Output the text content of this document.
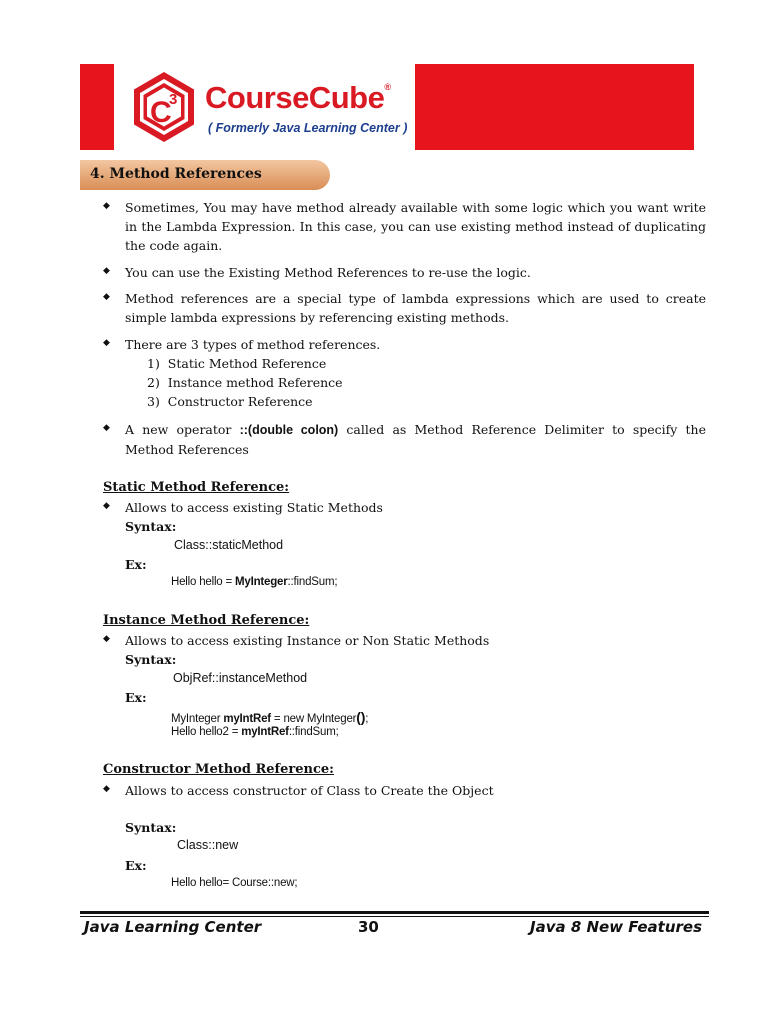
C
3 CourseCube®
( Formerly Java Learning Center )
4. Method References
◆ Sometimes, You may have method already available with some logic which you want write in the Lambda Expression. In this case, you can use existing method instead of duplicating the code again.
◆ You can use the Existing Method References to re-use the logic.
◆ Method references are a special type of lambda expressions which are used to create simple lambda expressions by referencing existing methods.
◆ There are 3 types of method references.
1) Static Method Reference
2) Instance method Reference
3) Constructor Reference
◆ A new operator ::(double colon) called as Method Reference Delimiter to specify the Method References
Static Method Reference:
◆ Allows to access existing Static Methods
Syntax:
Class::staticMethod
Ex:
Hello hello = MyInteger::findSum;
Instance Method Reference:
◆ Allows to access existing Instance or Non Static Methods
Syntax:
ObjRef::instanceMethod
Ex:
MyInteger myIntRef = new MyInteger();
Hello hello2 = myIntRef::findSum;
Constructor Method Reference:
◆ Allows to access constructor of Class to Create the Object
Syntax:
Class::new
Ex:
Hello hello= Course::new;
Java Learning Center	30	Java 8 New Features
